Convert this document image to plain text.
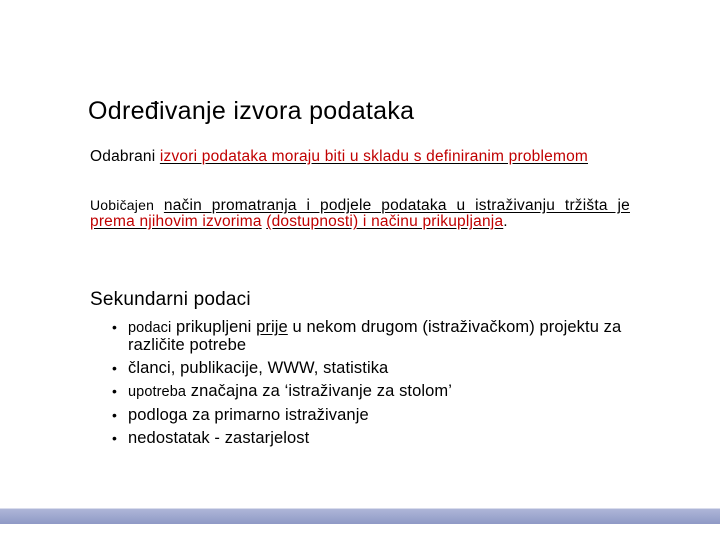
Određivanje izvora podataka
Odabrani izvori podataka moraju biti u skladu s definiranim problemom
Uobičajen način promatranja i podjele podataka u istraživanju tržišta je prema njihovim izvorima (dostupnosti) i načinu prikupljanja.
Sekundarni podaci
• podaci prikupljeni prije u nekom drugom (istraživačkom) projektu za različite potrebe
• članci, publikacije, WWW, statistika
• upotreba značajna za ‘istraživanje za stolom’
• podloga za primarno istraživanje
• nedostatak - zastarjelost
